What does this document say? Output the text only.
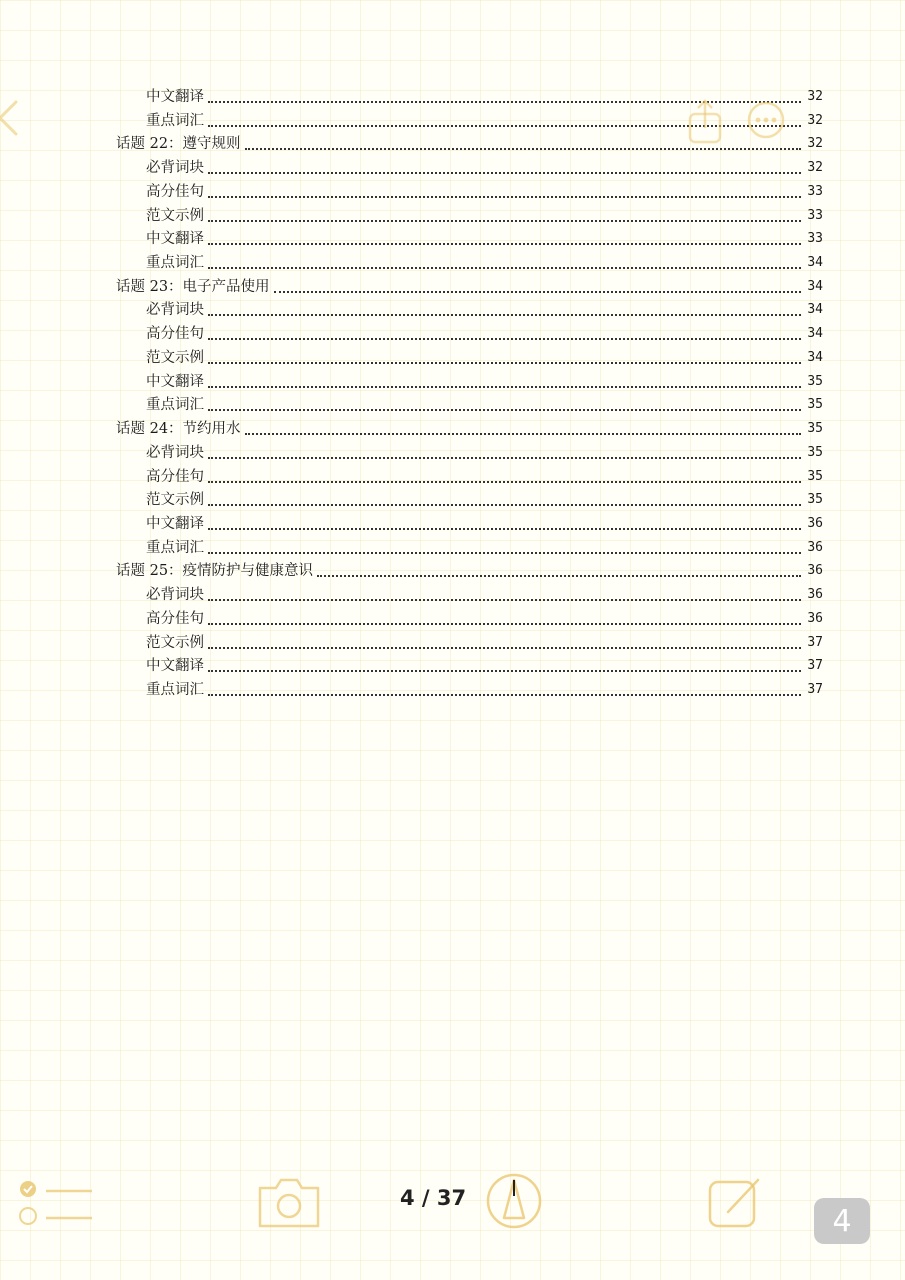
中文翻译	32
重点词汇	32
话题 22：遵守规则	32
必背词块	32
高分佳句	33
范文示例	33
中文翻译	33
重点词汇	34
话题 23：电子产品使用	34
必背词块	34
高分佳句	34
范文示例	34
中文翻译	35
重点词汇	35
话题 24：节约用水	35
必背词块	35
高分佳句	35
范文示例	35
中文翻译	36
重点词汇	36
话题 25：疫情防护与健康意识	36
必背词块	36
高分佳句	36
范文示例	37
中文翻译	37
重点词汇	37
4 / 37
4
